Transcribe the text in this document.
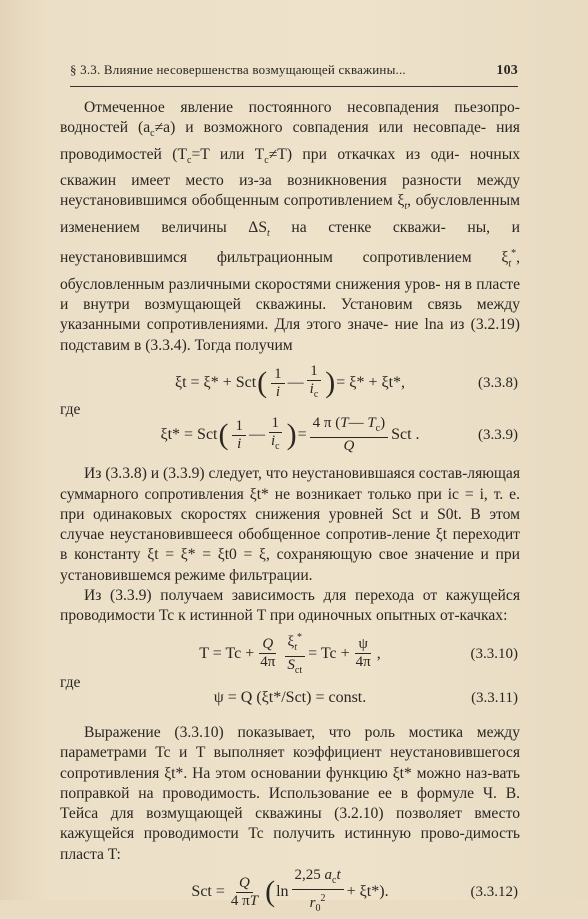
§ 3.3. Влияние несовершенства возмущающей скважины...	103

Отмеченное явление постоянного несовпадения пьезопро- водностей $(a_c\ne a)$ и возможного совпадения или несовпаде- ния проводимостей ($T_c=T$ или $T_c\ne T$) при откачках из оди- ночных скважин имеет место из-за возникновения разности между неустановившимся обобщенным сопротивлением $\xi_t$, обусловленным изменением величины $\Delta S_t$ на стенке скважи- ны, и неустановившимся фильтрационным сопротивлением $\xi_t^*$, обусловленным различными скоростями снижения уров- ня в пласте и внутри возмущающей скважины. Установим связь между указанными сопротивлениями. Для этого значе- ние lna из (3.2.19) подставим в (3.3.4). Тогда получим

ξt = ξ* + Sct ( $\frac{1}{i}$ — $\frac{1}{i_c}$ ) = ξ* + ξt*,	(3.3.8)

где

ξt* = Sct ( $\frac{1}{i}$ — $\frac{1}{i_c}$ ) = $\frac{4 \pi (T— T_c)}{Q}$ Sct .	(3.3.9)

Из (3.3.8) и (3.3.9) следует, что неустановившаяся состав-ляющая суммарного сопротивления ξt* не возникает только при ic = i, т. е. при одинаковых скоростях снижения уровней Sct и S0t. В этом случае неустановившееся обобщенное сопротив-ление ξt переходит в константу ξt = ξ* = ξt0 = ξ, сохраняющую свое значение и при установившемся режиме фильтрации.

Из (3.3.9) получаем зависимость для перехода от кажущейся проводимости Tc к истинной T при одиночных опытных от-качках:

$T = Tc + \frac{Q}{4\pi} \frac{\xi_t^*}{S_{ct}} = Tc + \frac{\psi}{4\pi}$ ,	(3.3.10)

где

ψ = Q (ξt*/Sct) = const.	(3.3.11)

Выражение (3.3.10) показывает, что роль мостика между параметрами Tc и T выполняет коэффициент неустановившегося сопротивления ξt*. На этом основании функцию ξt* можно наз-вать поправкой на проводимость. Использование ее в формуле Ч. В. Тейса для возмущающей скважины (3.2.10) позволяет вместо кажущейся проводимости Tc получить истинную прово-димость пласта T:

Sct = $\frac{Q}{4 \pi T}$ ( $\ln \frac{2,25 a_ct}{r_0^2} + \xi t*$ ).	(3.3.12)
